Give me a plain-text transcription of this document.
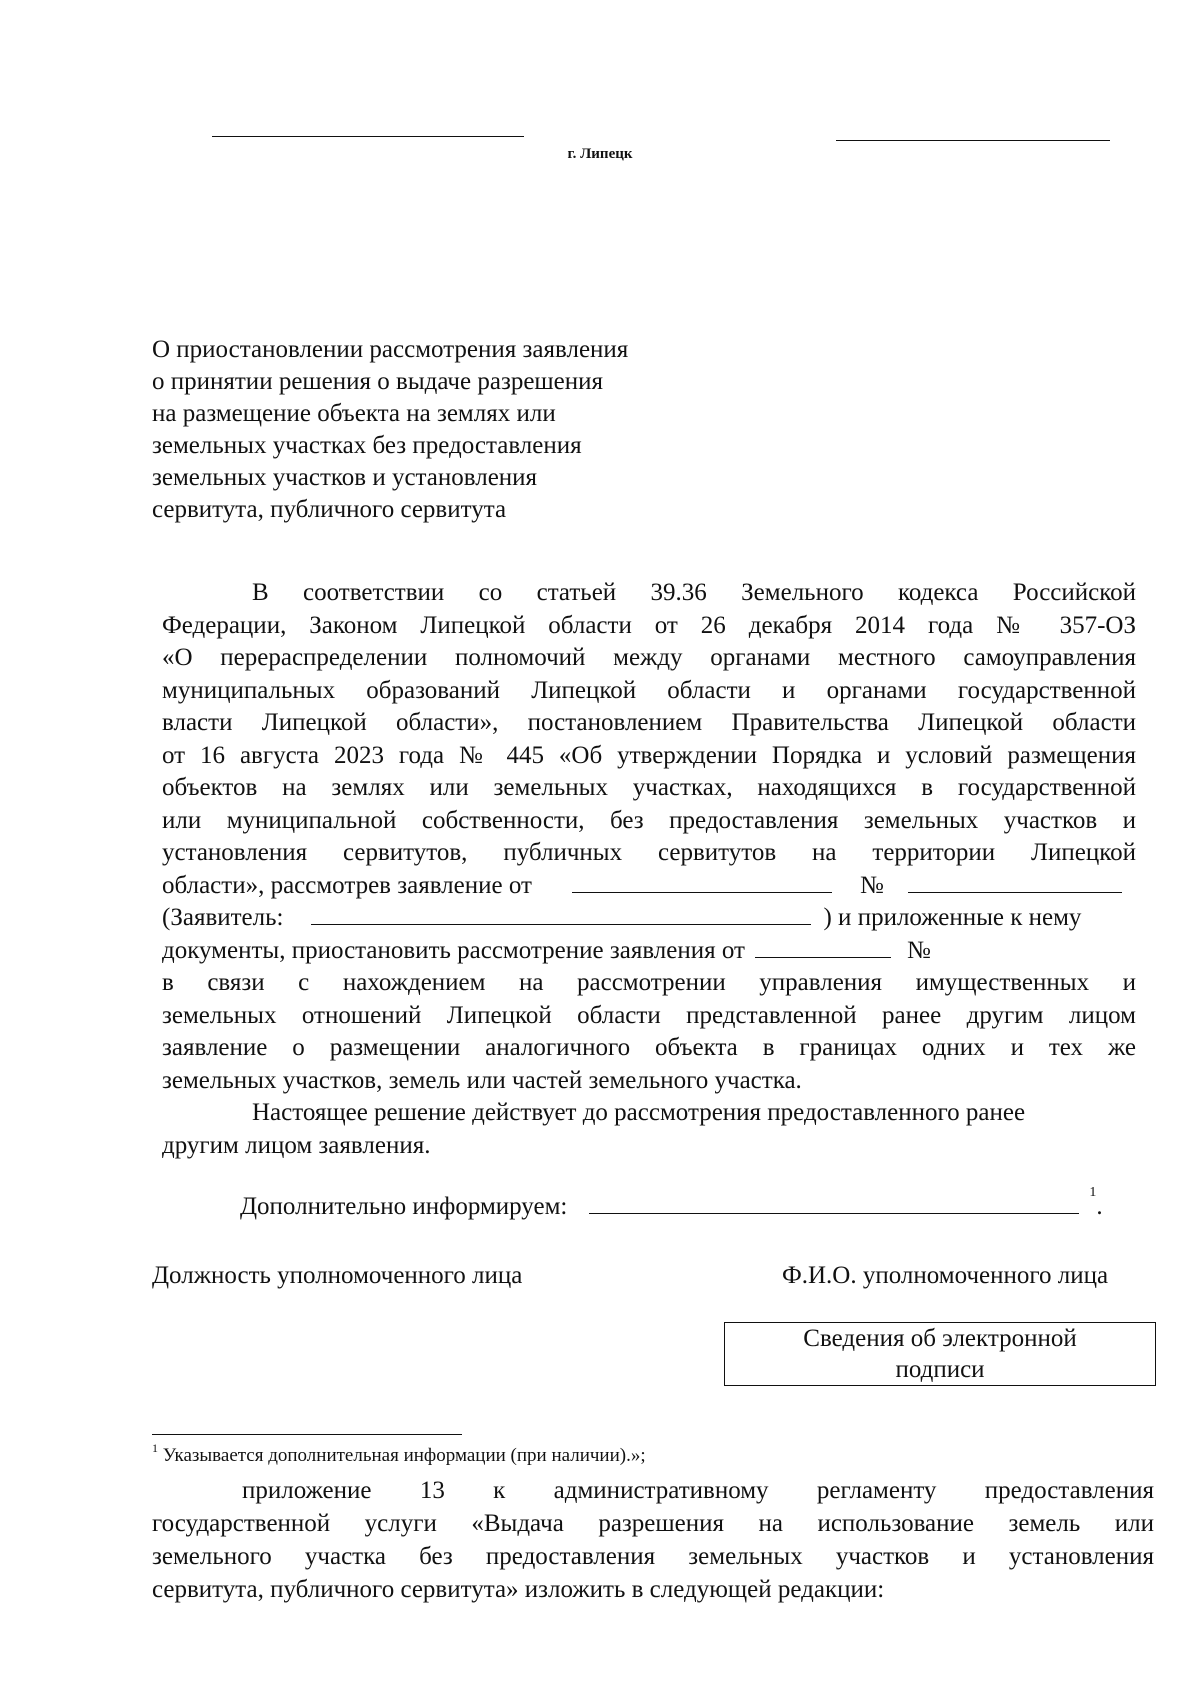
г. Липецк
О приостановлении рассмотрения заявления
о принятии решения о выдаче разрешения
на размещение объекта на землях или
земельных участках без предоставления
земельных участков и установления
сервитута, публичного сервитута
В соответствии со статьей 39.36 Земельного кодекса Российской
Федерации, Законом Липецкой области от 26 декабря 2014 года № 357-ОЗ
«О перераспределении полномочий между органами местного самоуправления
муниципальных образований Липецкой области и органами государственной
власти Липецкой области», постановлением Правительства Липецкой области
от 16 августа 2023 года № 445 «Об утверждении Порядка и условий размещения
объектов на землях или земельных участках, находящихся в государственной
или муниципальной собственности, без предоставления земельных участков и
установления сервитутов, публичных сервитутов на территории Липецкой
области», рассмотрев заявление от	№
(Заявитель:	) и приложенные к нему
документы, приостановить рассмотрение заявления от	№
в связи с нахождением на рассмотрении управления имущественных и
земельных отношений Липецкой области представленной ранее другим лицом
заявление о размещении аналогичного объекта в границах одних и тех же
земельных участков, земель или частей земельного участка.
Настоящее решение действует до рассмотрения предоставленного ранее
другим лицом заявления.
Дополнительно информируем:$^1$.
Должность уполномоченного лица	Ф.И.О. уполномоченного лица
Сведения об электронной
подписи
$^1$ Указывается дополнительная информации (при наличии).»;
приложение 13 к административному регламенту предоставления
государственной услуги «Выдача разрешения на использование земель или
земельного участка без предоставления земельных участков и установления
сервитута, публичного сервитута» изложить в следующей редакции:
